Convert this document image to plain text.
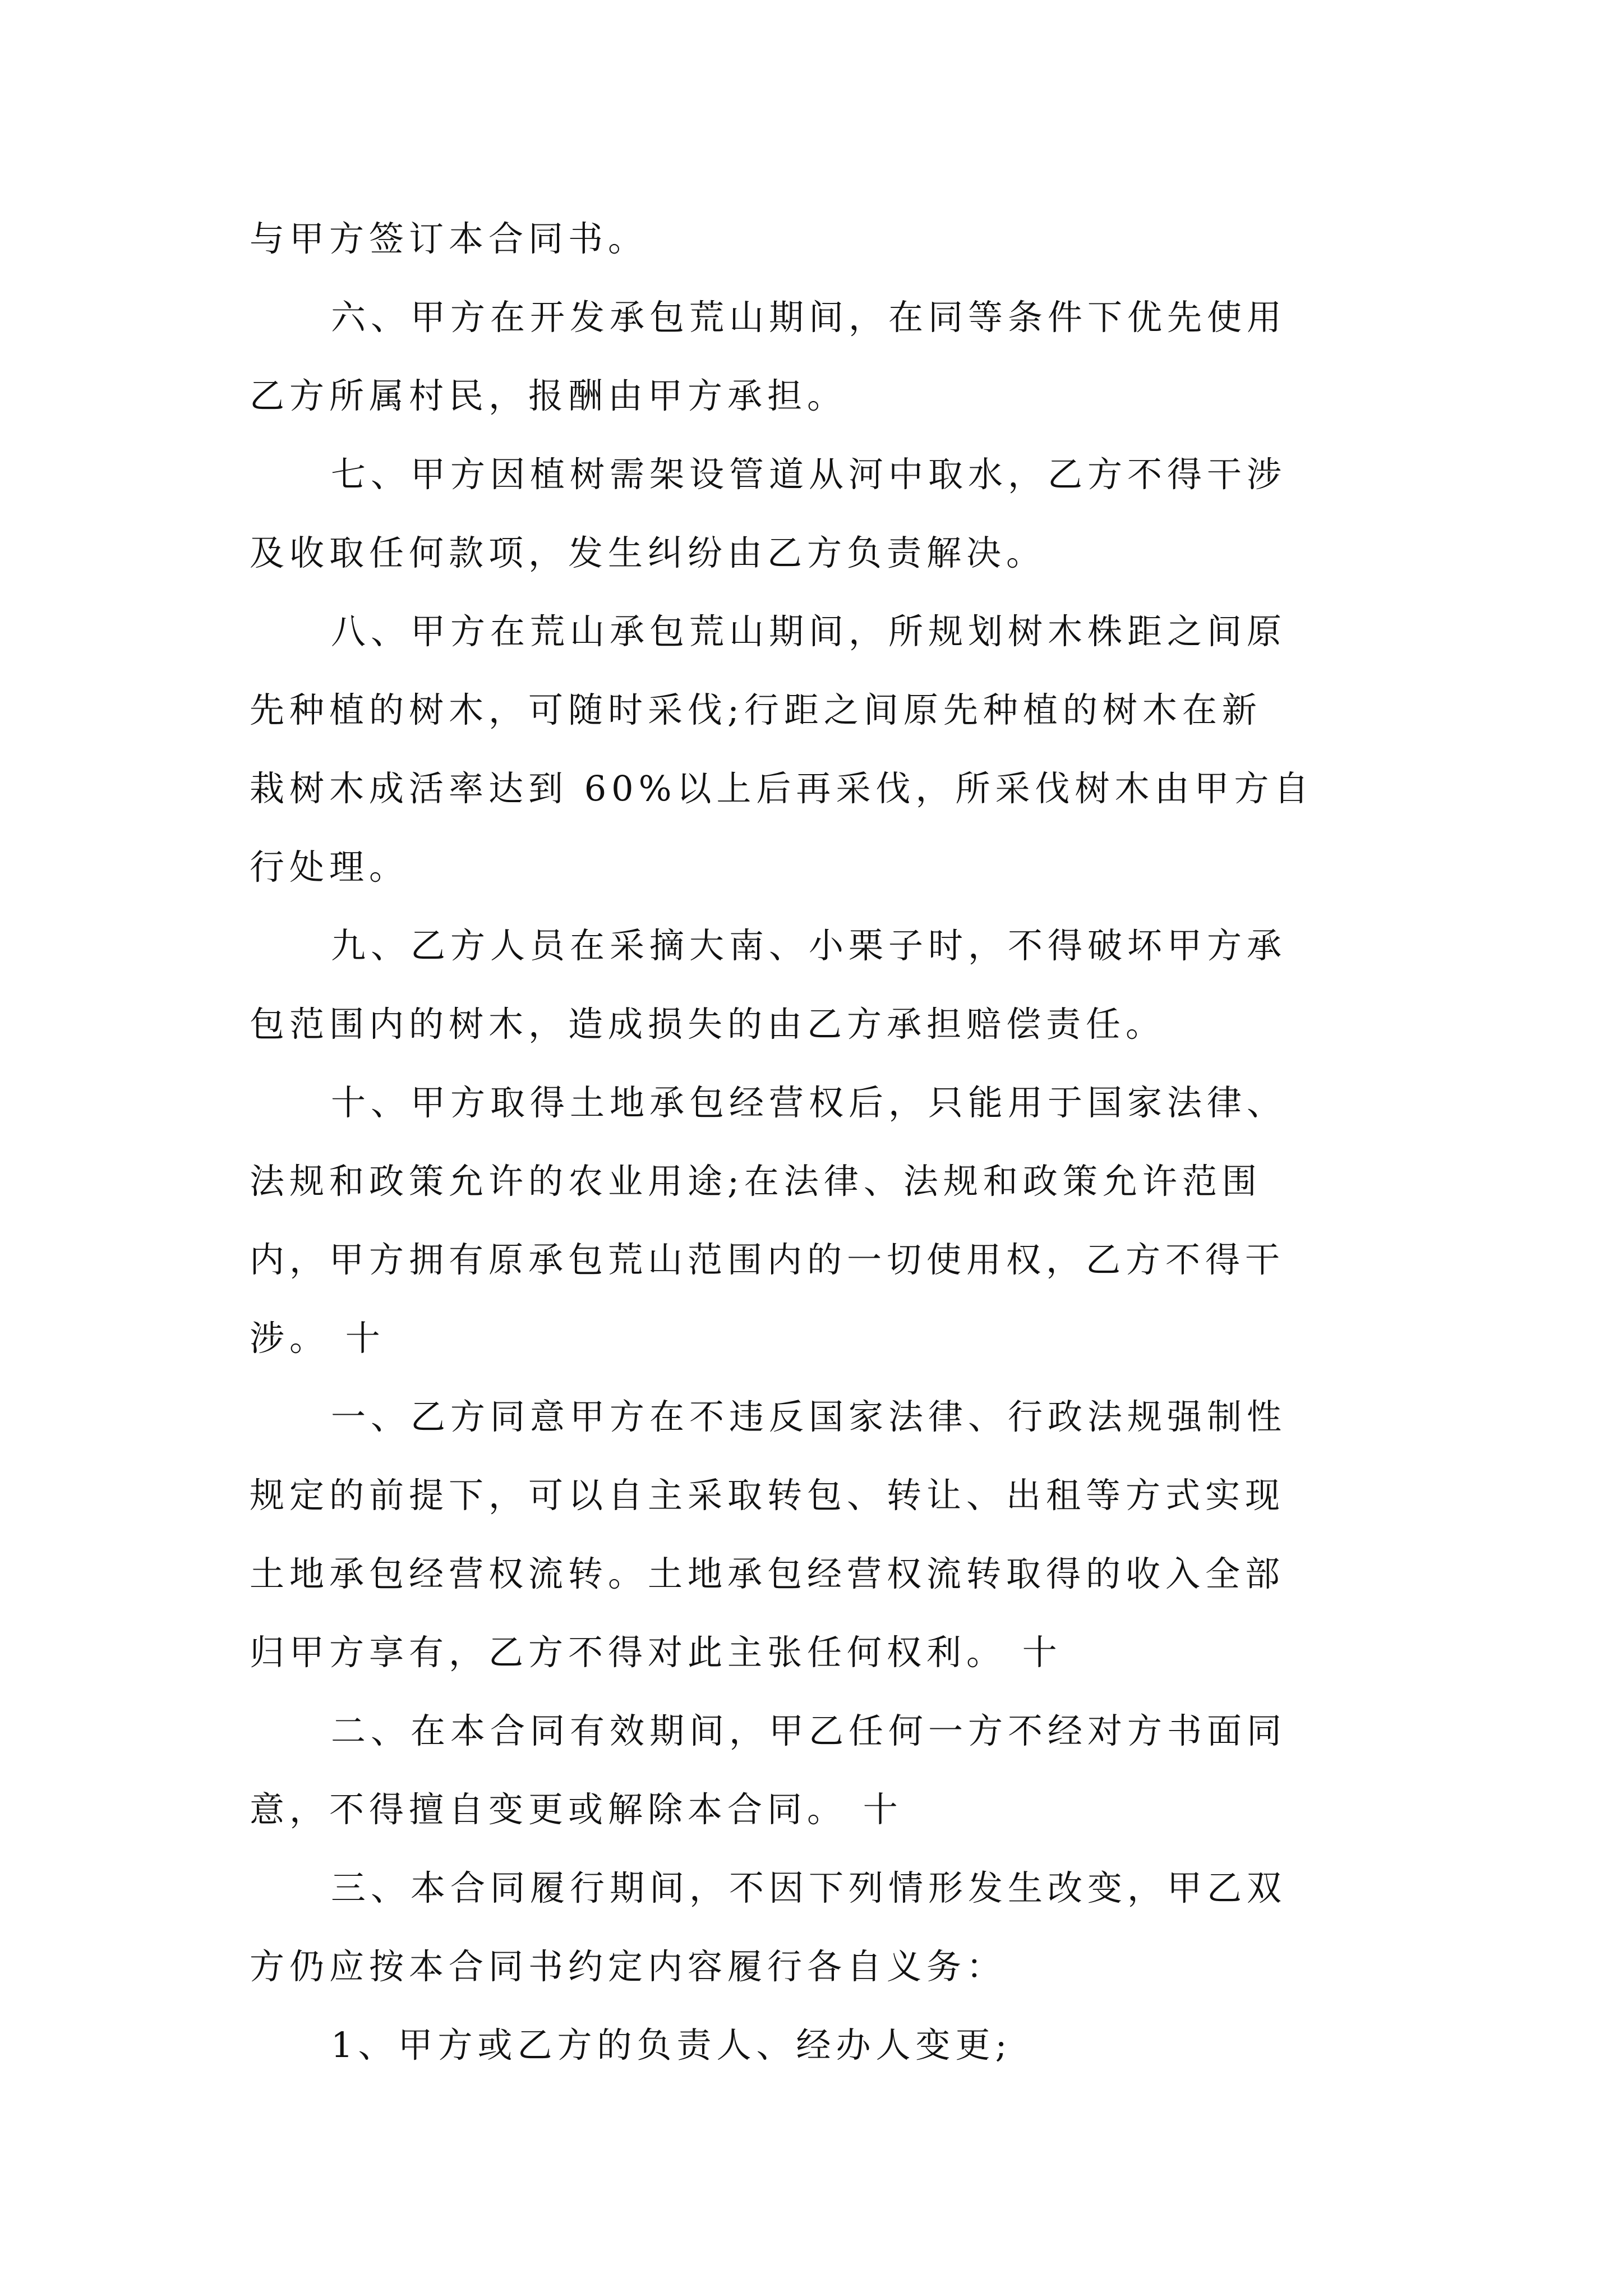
与甲方签订本合同书。
六、甲方在开发承包荒山期间，在同等条件下优先使用
乙方所属村民，报酬由甲方承担。
七、甲方因植树需架设管道从河中取水，乙方不得干涉
及收取任何款项，发生纠纷由乙方负责解决。
八、甲方在荒山承包荒山期间，所规划树木株距之间原
先种植的树木，可随时采伐;行距之间原先种植的树木在新
栽树木成活率达到 60%以上后再采伐，所采伐树木由甲方自
行处理。
九、乙方人员在采摘大南、小栗子时，不得破坏甲方承
包范围内的树木，造成损失的由乙方承担赔偿责任。
十、甲方取得土地承包经营权后，只能用于国家法律、
法规和政策允许的农业用途;在法律、法规和政策允许范围
内，甲方拥有原承包荒山范围内的一切使用权，乙方不得干
涉。 十
一、乙方同意甲方在不违反国家法律、行政法规强制性
规定的前提下，可以自主采取转包、转让、出租等方式实现
土地承包经营权流转。土地承包经营权流转取得的收入全部
归甲方享有，乙方不得对此主张任何权利。 十
二、在本合同有效期间，甲乙任何一方不经对方书面同
意，不得擅自变更或解除本合同。 十
三、本合同履行期间，不因下列情形发生改变，甲乙双
方仍应按本合同书约定内容履行各自义务：
1、甲方或乙方的负责人、经办人变更;
